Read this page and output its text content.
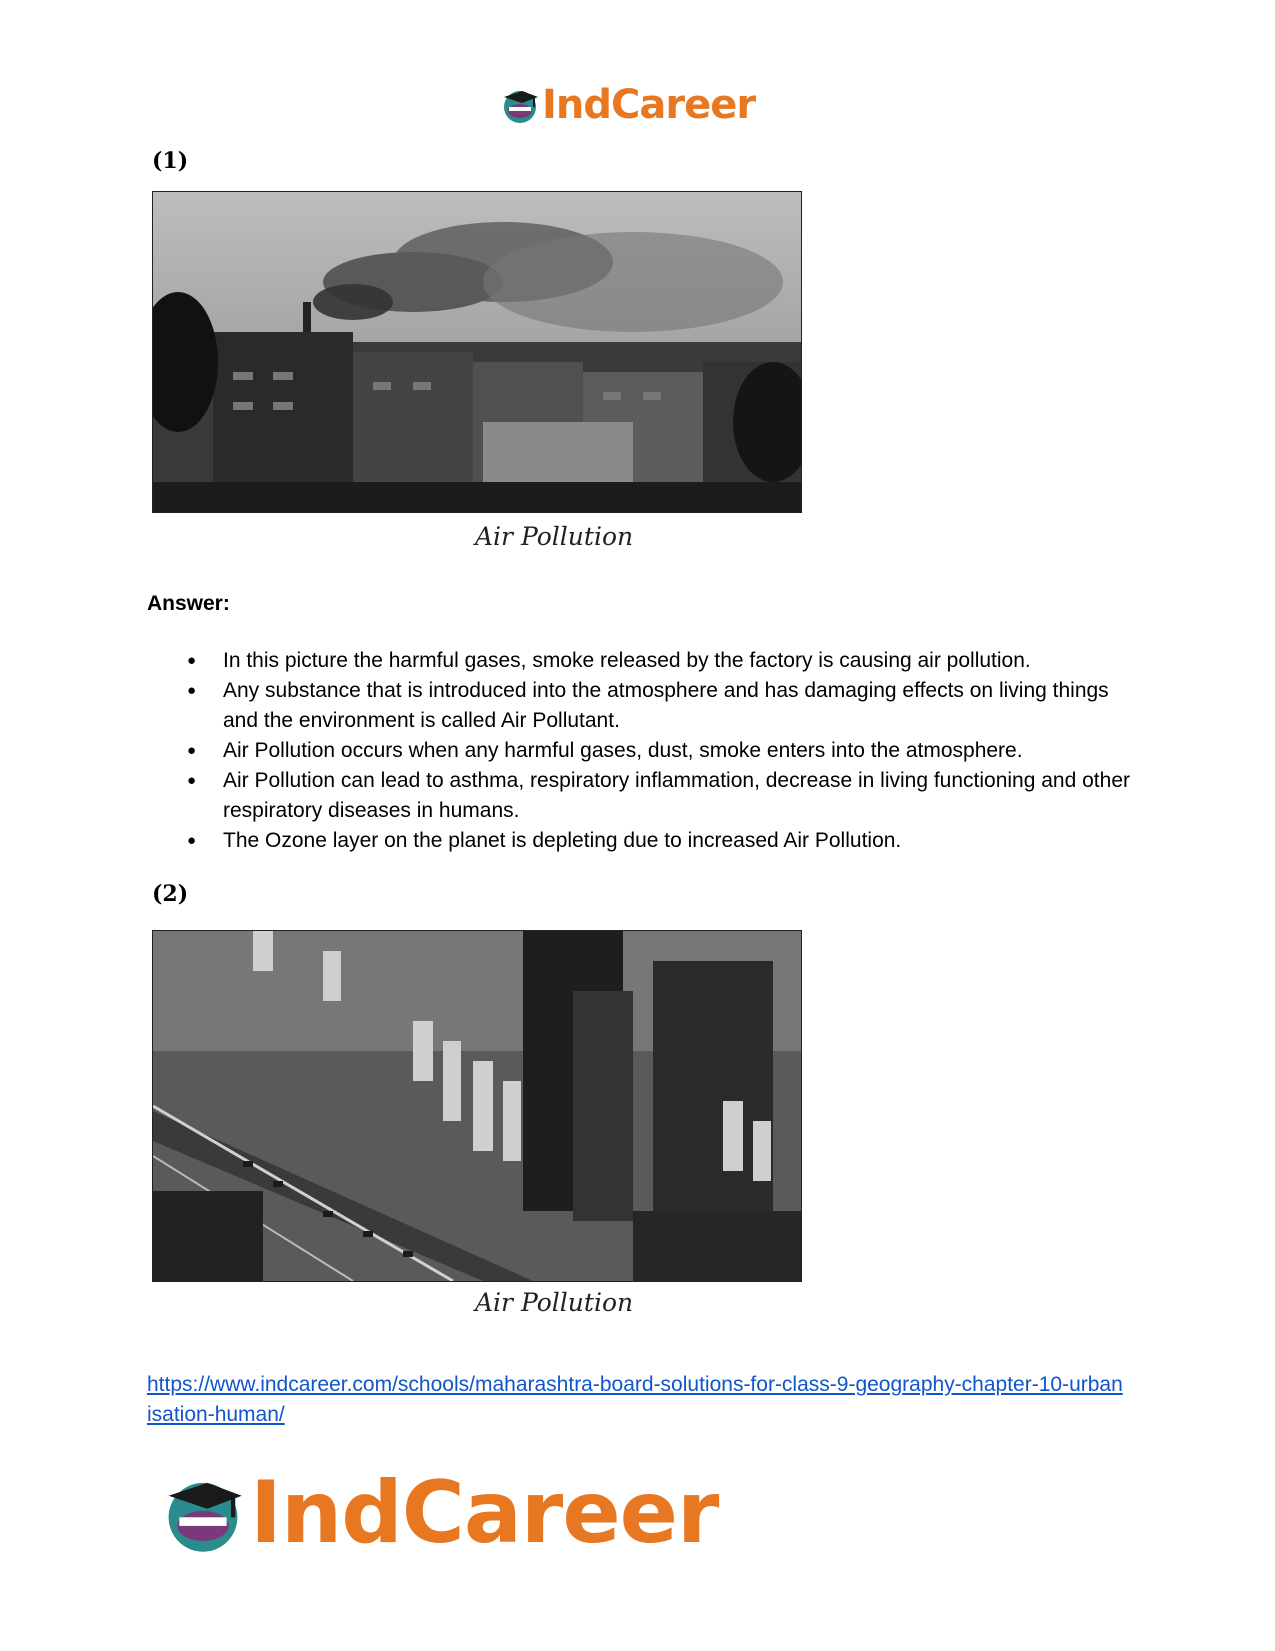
IndCareer
(1)
Air Pollution
Answer:
● In this picture the harmful gases, smoke released by the factory is causing air pollution.
● Any substance that is introduced into the atmosphere and has damaging effects on living things and the environment is called Air Pollutant.
● Air Pollution occurs when any harmful gases, dust, smoke enters into the atmosphere.
● Air Pollution can lead to asthma, respiratory inflammation, decrease in living functioning and other respiratory diseases in humans.
● The Ozone layer on the planet is depleting due to increased Air Pollution.
(2)
Air Pollution
https://www.indcareer.com/schools/maharashtra-board-solutions-for-class-9-geography-chapter-10-urbanisation-human/
IndCareer
